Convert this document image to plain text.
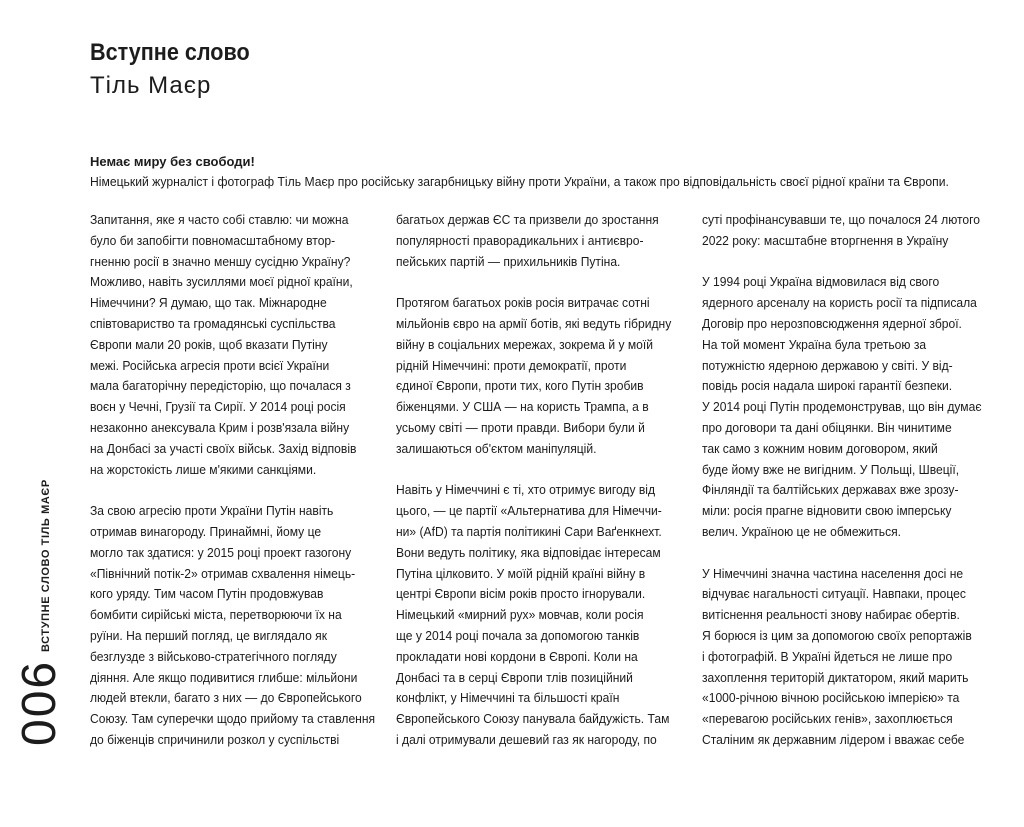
Вступне слово
Тіль Маєр
Немає миру без свободи!
Німецький журналіст і фотограф Тіль Маєр про російську загарбницьку війну проти України, а також про відповідальність своєї рідної країни та Європи.

Запитання, яке я часто собі ставлю: чи можна
було би запобігти повномасштабному втор-
гненню росії в значно меншу сусідню Україну?
Можливо, навіть зусиллями моєї рідної країни,
Німеччини? Я думаю, що так. Міжнародне
співтовариство та громадянські суспільства
Європи мали 20 років, щоб вказати Путіну
межі. Російська агресія проти всієї України
мала багаторічну передісторію, що почалася з
воєн у Чечні, Грузії та Сирії. У 2014 році росія
незаконно анексувала Крим і розв'язала війну
на Донбасі за участі своїх військ. Захід відповів
на жорстокість лише м'якими санкціями.

За свою агресію проти України Путін навіть
отримав винагороду. Принаймні, йому це
могло так здатися: у 2015 році проект газогону
«Північний потік-2» отримав схвалення німець-
кого уряду. Тим часом Путін продовжував
бомбити сирійські міста, перетворюючи їх на
руїни. На перший погляд, це виглядало як
безглузде з військово-стратегічного погляду
діяння. Але якщо подивитися глибше: мільйони
людей втекли, багато з них — до Європейського
Союзу. Там суперечки щодо прийому та ставлення
до біженців спричинили розкол у суспільстві

багатьох держав ЄС та призвели до зростання
популярності праворадикальних і антиєвро-
пейських партій — прихильників Путіна.

Протягом багатьох років росія витрачає сотні
мільйонів євро на армії ботів, які ведуть гібридну
війну в соціальних мережах, зокрема й у моїй
рідній Німеччині: проти демократії, проти
єдиної Європи, проти тих, кого Путін зробив
біженцями. У США — на користь Трампа, а в
усьому світі — проти правди. Вибори були й
залишаються об'єктом маніпуляцій.

Навіть у Німеччині є ті, хто отримує вигоду від
цього, — це партії «Альтернатива для Німеччи-
ни» (AfD) та партія політикині Сари Ваґенкнехт.
Вони ведуть політику, яка відповідає інтересам
Путіна цілковито. У моїй рідній країні війну в
центрі Європи вісім років просто ігнорували.
Німецький «мирний рух» мовчав, коли росія
ще у 2014 році почала за допомогою танків
прокладати нові кордони в Європі. Коли на
Донбасі та в серці Європи тлів позиційний
конфлікт, у Німеччині та більшості країн
Європейського Союзу панувала байдужість. Там
і далі отримували дешевий газ як нагороду, по

суті профінансувавши те, що почалося 24 лютого
2022 року: масштабне вторгнення в Україну

У 1994 році Україна відмовилася від свого
ядерного арсеналу на користь росії та підписала
Договір про нерозповсюдження ядерної зброї.
На той момент Україна була третьою за
потужністю ядерною державою у світі. У від-
повідь росія надала широкі гарантії безпеки.
У 2014 році Путін продемонстрував, що він думає
про договори та дані обіцянки. Він чинитиме
так само з кожним новим договором, який
буде йому вже не вигідним. У Польщі, Швеції,
Фінляндії та балтійських державах вже зрозу-
міли: росія прагне відновити свою імперську
велич. Україною це не обмежиться.

У Німеччині значна частина населення досі не
відчуває нагальності ситуації. Навпаки, процес
витіснення реальності знову набирає обертів.
Я борюся із цим за допомогою своїх репортажів
і фотографій. В Україні йдеться не лише про
захоплення територій диктатором, який марить
«1000-річною вічною російською імперією» та
«перевагою російських генів», захоплюється
Сталіним як державним лідером і вважає себе

ВСТУПНЕ СЛОВО ТІЛЬ МАЄР
006
